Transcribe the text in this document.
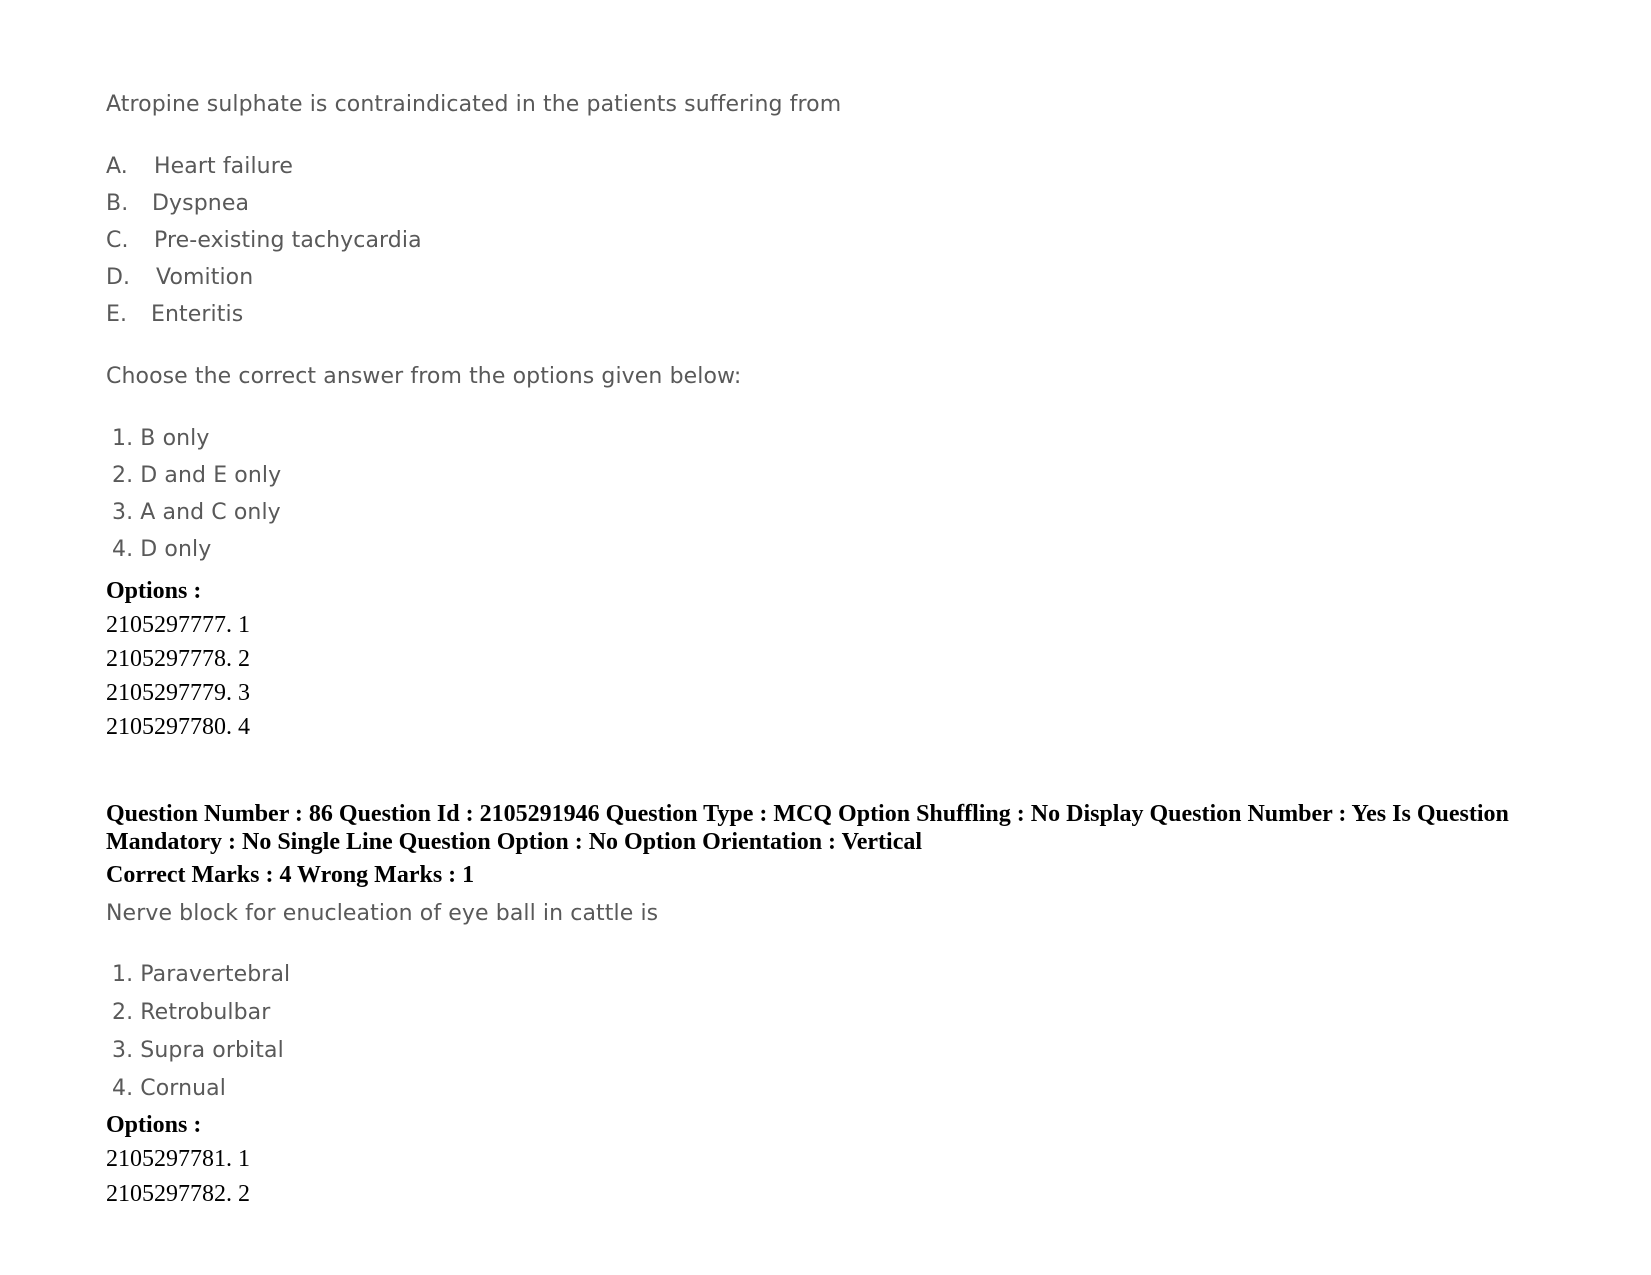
Atropine sulphate is contraindicated in the patients suffering from
A. Heart failure
B. Dyspnea
C. Pre-existing tachycardia
D. Vomition
E. Enteritis
Choose the correct answer from the options given below:
1. B only
2. D and E only
3. A and C only
4. D only
Options :
2105297777. 1
2105297778. 2
2105297779. 3
2105297780. 4
Question Number : 86 Question Id : 2105291946 Question Type : MCQ Option Shuffling : No Display Question Number : Yes Is Question Mandatory : No Single Line Question Option : No Option Orientation : Vertical
Correct Marks : 4 Wrong Marks : 1
Nerve block for enucleation of eye ball in cattle is
1. Paravertebral
2. Retrobulbar
3. Supra orbital
4. Cornual
Options :
2105297781. 1
2105297782. 2
